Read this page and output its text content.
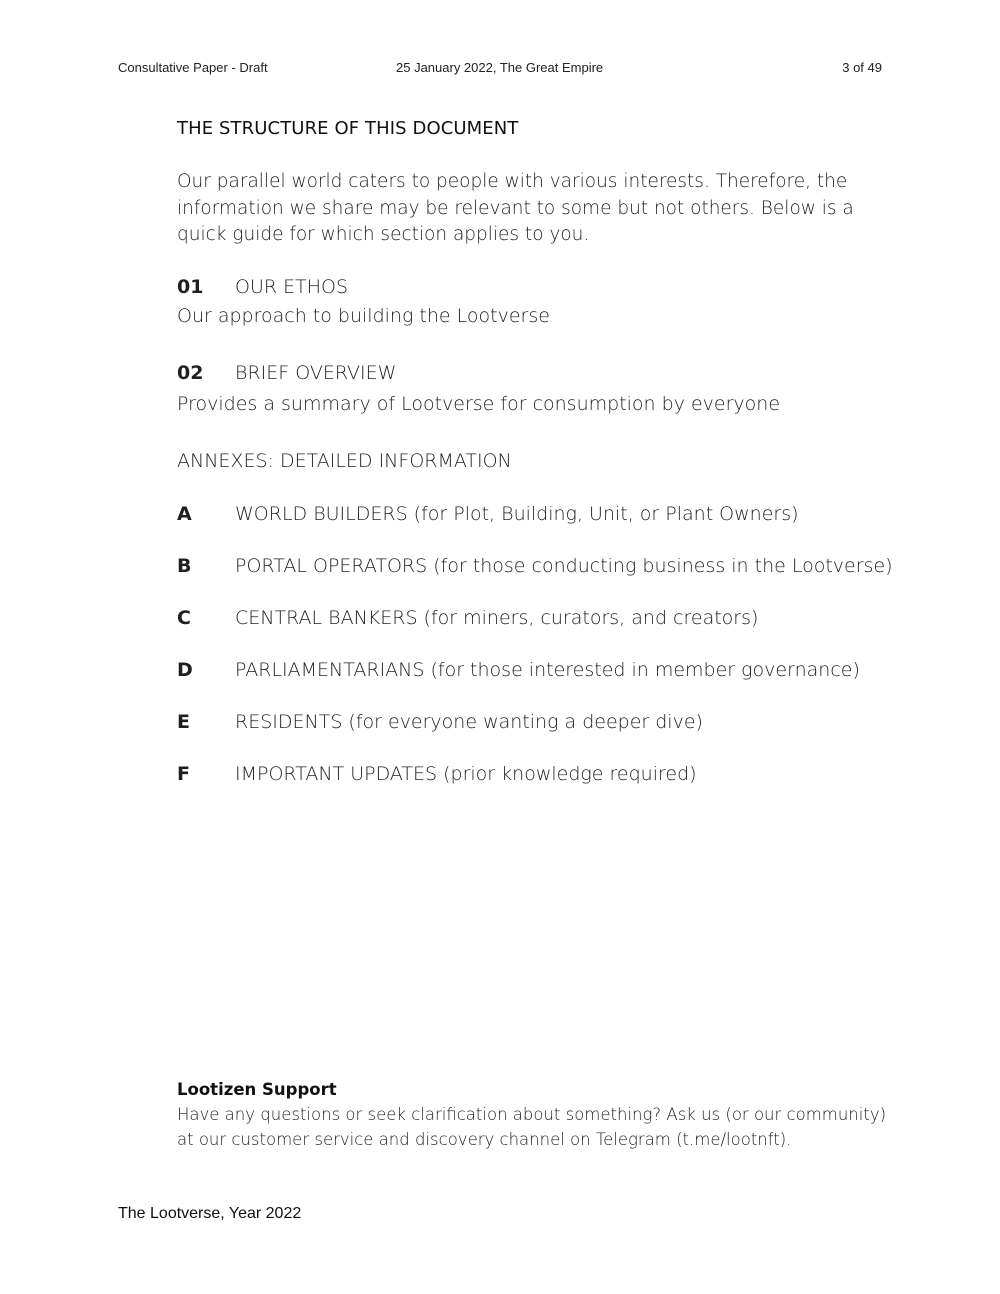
Consultative Paper - Draft	25 January 2022, The Great Empire	3 of 49
THE STRUCTURE OF THIS DOCUMENT

Our parallel world caters to people with various interests. Therefore, the information we share may be relevant to some but not others. Below is a quick guide for which section applies to you.

01 OUR ETHOS
Our approach to building the Lootverse
02 BRIEF OVERVIEW
Provides a summary of Lootverse for consumption by everyone
ANNEXES: DETAILED INFORMATION
A WORLD BUILDERS (for Plot, Building, Unit, or Plant Owners)
B PORTAL OPERATORS (for those conducting business in the Lootverse)
C CENTRAL BANKERS (for miners, curators, and creators)
D PARLIAMENTARIANS (for those interested in member governance)
E RESIDENTS (for everyone wanting a deeper dive)
F IMPORTANT UPDATES (prior knowledge required)
Lootizen Support

Have any questions or seek clarification about something? Ask us (or our community) at our customer service and discovery channel on Telegram (t.me/lootnft).

The Lootverse, Year 2022
